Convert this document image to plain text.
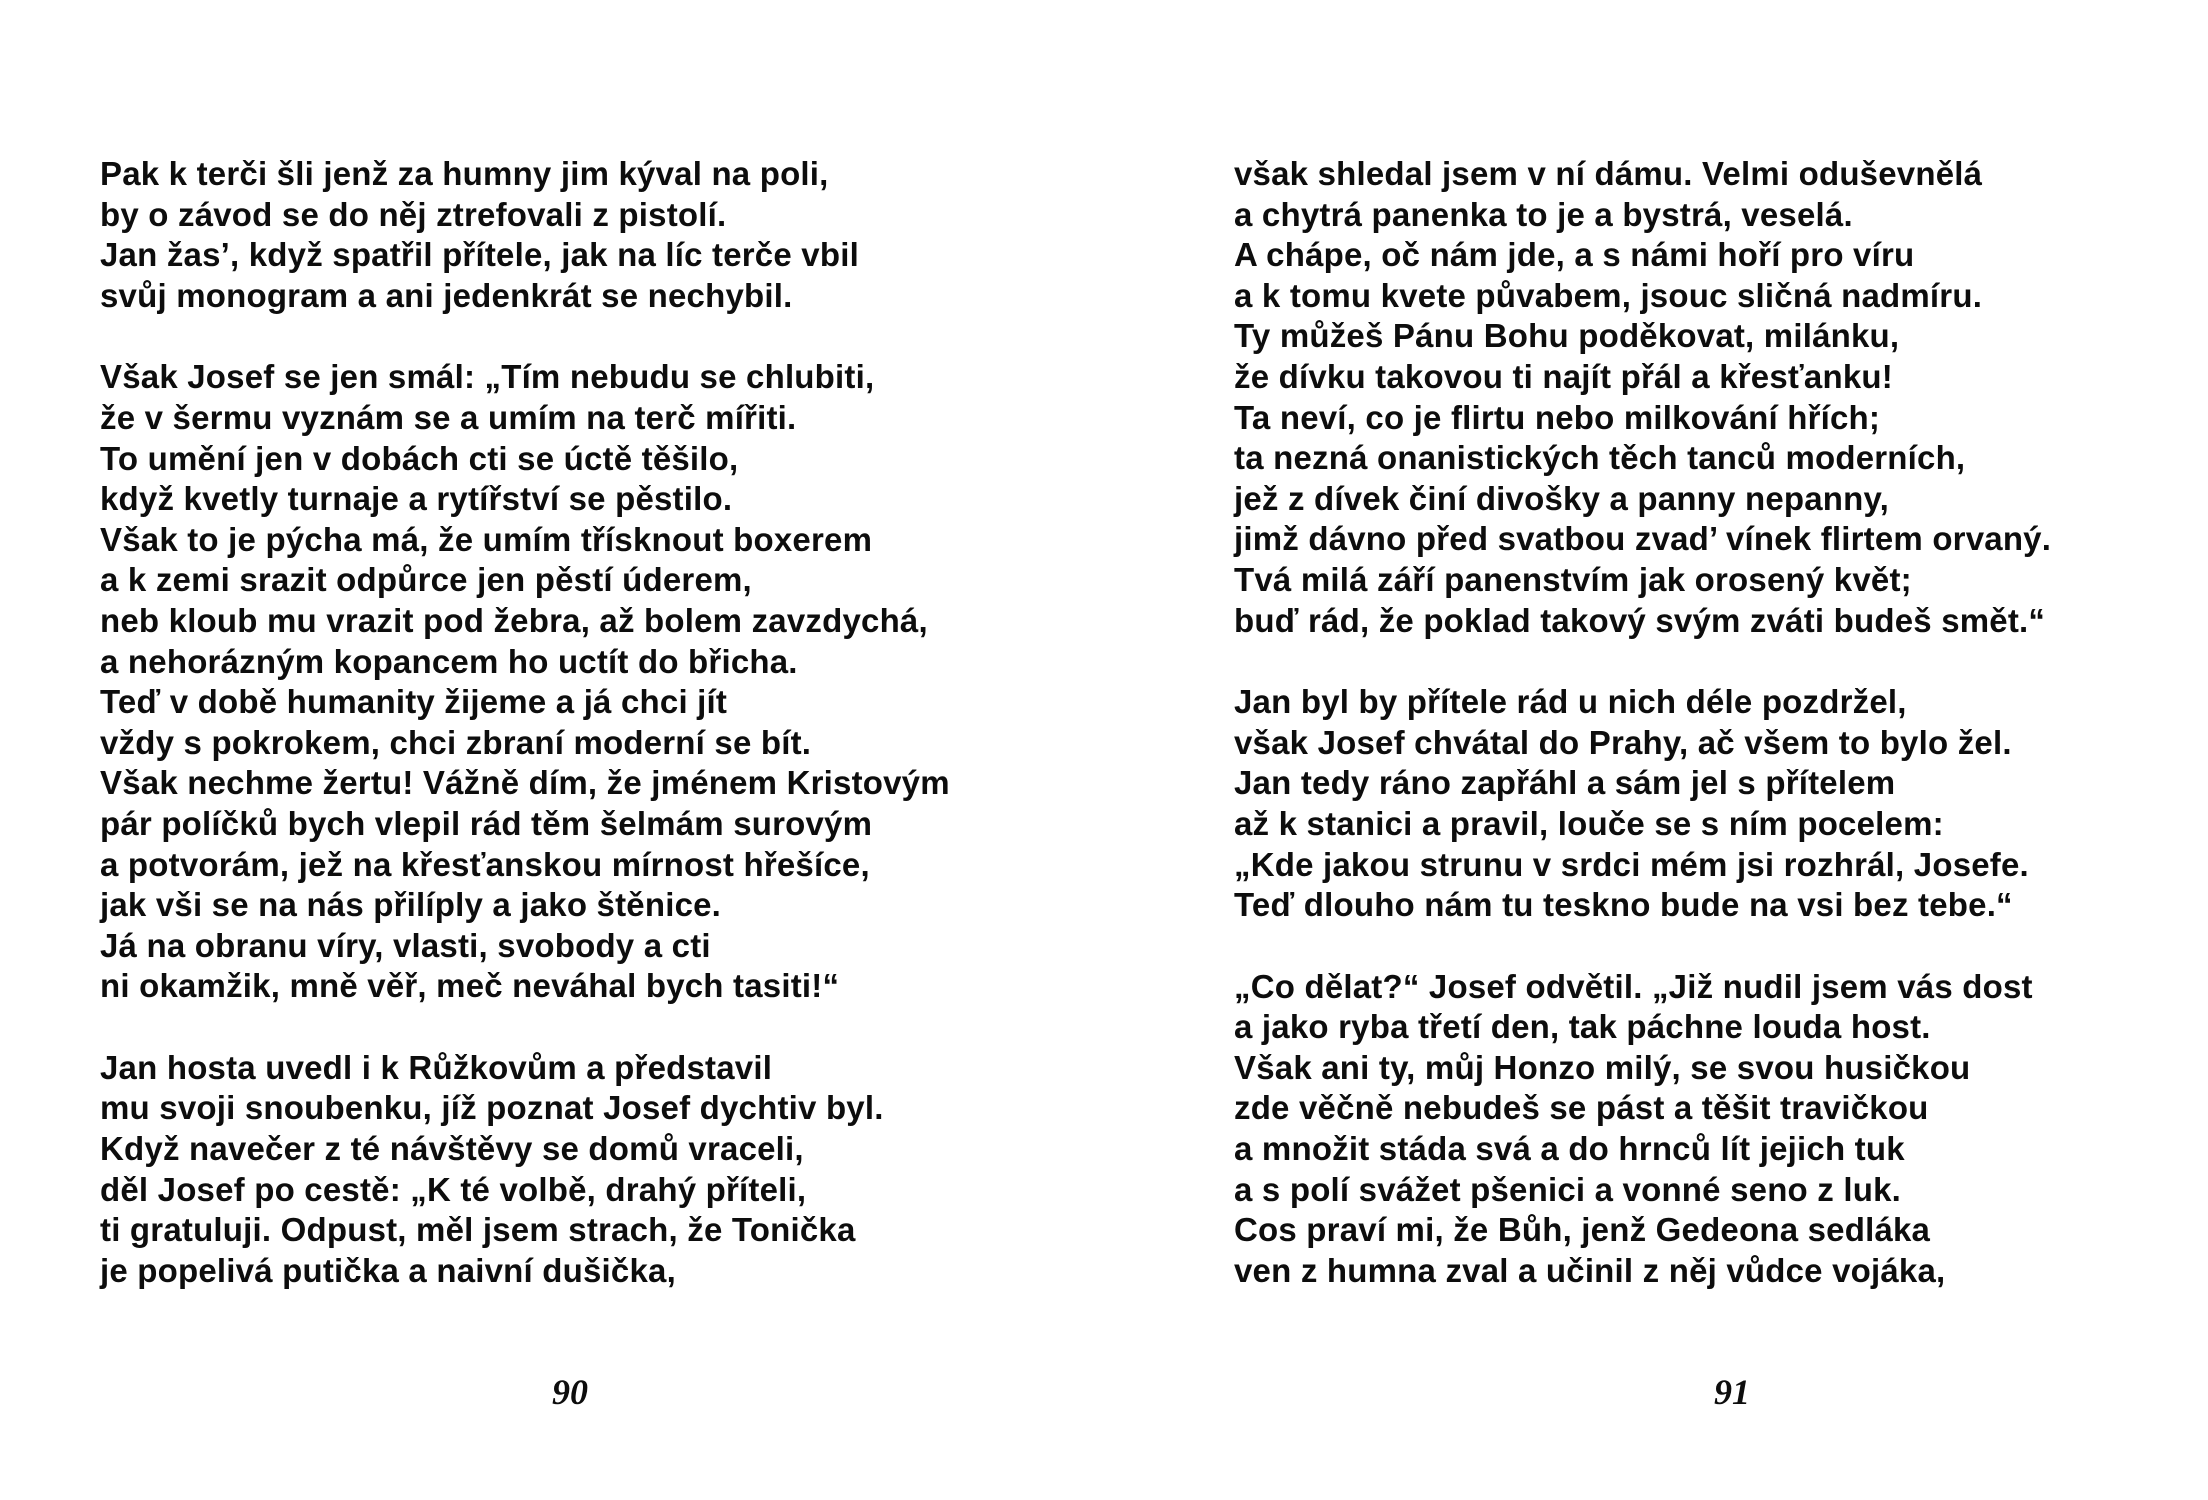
Pak k terči šli jenž za humny jim kýval na poli,
by o závod se do něj ztrefovali z pistolí.
Jan žas’, když spatřil přítele, jak na líc terče vbil
svůj monogram a ani jedenkrát se nechybil.
Však Josef se jen smál: „Tím nebudu se chlubiti,
že v šermu vyznám se a umím na terč mířiti.
To umění jen v dobách cti se úctě těšilo,
když kvetly turnaje a rytířství se pěstilo.
Však to je pýcha má, že umím třísknout boxerem
a k zemi srazit odpůrce jen pěstí úderem,
neb kloub mu vrazit pod žebra, až bolem zavzdychá,
a nehorázným kopancem ho uctít do břicha.
Teď v době humanity žijeme a já chci jít
vždy s pokrokem, chci zbraní moderní se bít.
Však nechme žertu! Vážně dím, že jménem Kristovým
pár políčků bych vlepil rád těm šelmám surovým
a potvorám, jež na křesťanskou mírnost hřešíce,
jak vši se na nás přilíply a jako štěnice.
Já na obranu víry, vlasti, svobody a cti
ni okamžik, mně věř, meč neváhal bych tasiti!“
Jan hosta uvedl i k Růžkovům a představil
mu svoji snoubenku, jíž poznat Josef dychtiv byl.
Když navečer z té návštěvy se domů vraceli,
děl Josef po cestě: „K té volbě, drahý příteli,
ti gratuluji. Odpust, měl jsem strach, že Tonička
je popelivá putička a naivní dušička,
90
však shledal jsem v ní dámu. Velmi oduševnělá
a chytrá panenka to je a bystrá, veselá.
A chápe, oč nám jde, a s námi hoří pro víru
a k tomu kvete půvabem, jsouc sličná nadmíru.
Ty můžeš Pánu Bohu poděkovat, milánku,
že dívku takovou ti najít přál a křesťanku!
Ta neví, co je flirtu nebo milkování hřích;
ta nezná onanistických těch tanců moderních,
jež z dívek činí divošky a panny nepanny,
jimž dávno před svatbou zvad’ vínek flirtem orvaný.
Tvá milá září panenstvím jak orosený květ;
buď rád, že poklad takový svým zváti budeš smět.“
Jan byl by přítele rád u nich déle pozdržel,
však Josef chvátal do Prahy, ač všem to bylo žel.
Jan tedy ráno zapřáhl a sám jel s přítelem
až k stanici a pravil, louče se s ním pocelem:
„Kde jakou strunu v srdci mém jsi rozhrál, Josefe.
Teď dlouho nám tu teskno bude na vsi bez tebe.“
„Co dělat?“ Josef odvětil. „Již nudil jsem vás dost
a jako ryba třetí den, tak páchne louda host.
Však ani ty, můj Honzo milý, se svou husičkou
zde věčně nebudeš se pást a těšit travičkou
a množit stáda svá a do hrnců lít jejich tuk
a s polí svážet pšenici a vonné seno z luk.
Cos praví mi, že Bůh, jenž Gedeona sedláka
ven z humna zval a učinil z něj vůdce vojáka,
91
